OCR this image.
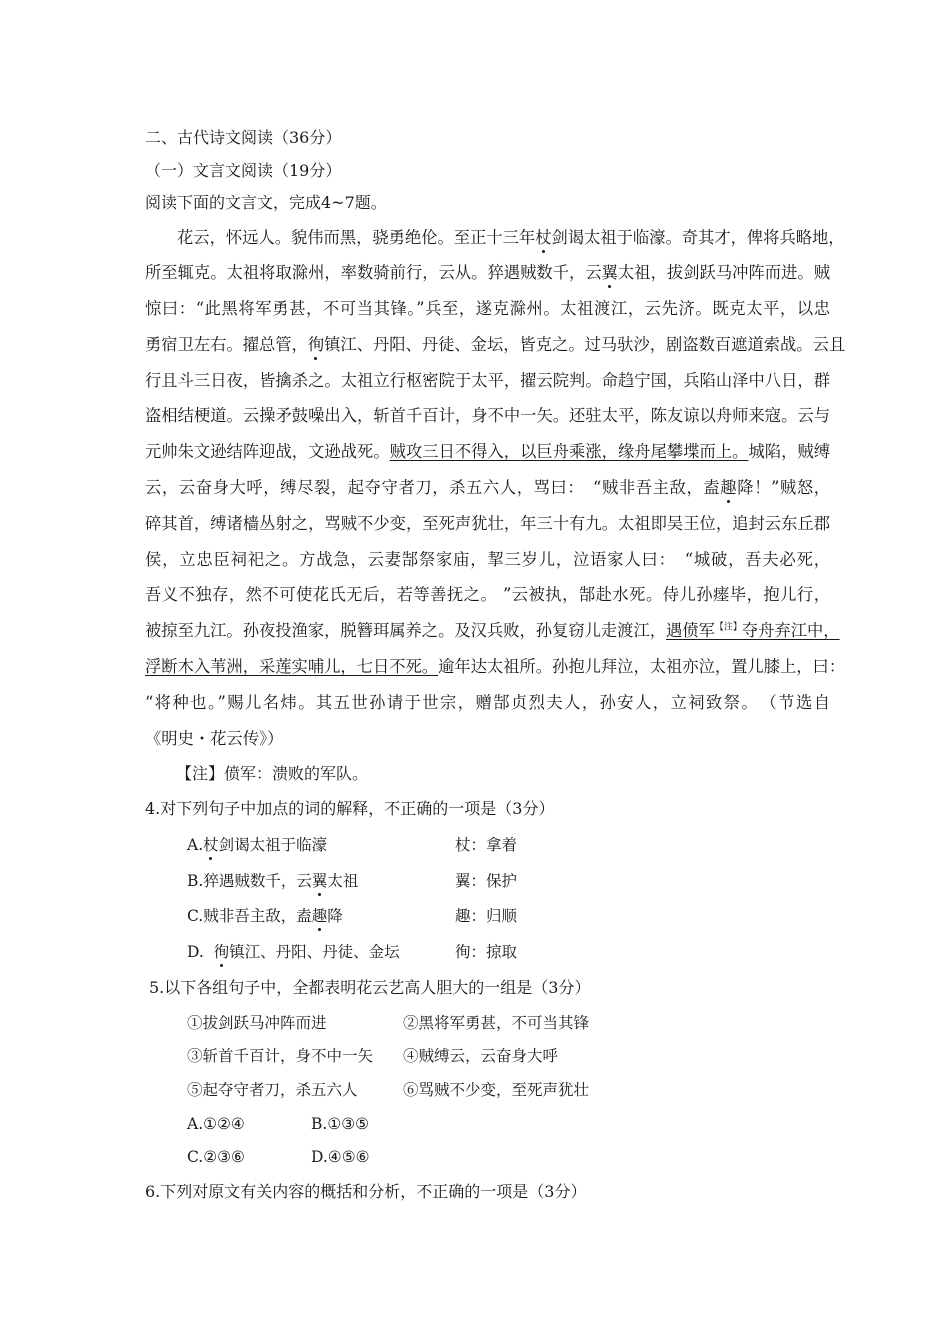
二、古代诗文阅读（36分）
（一）文言文阅读（19分）
阅读下面的文言文，完成4~7题。
花云，怀远人。貌伟而黑，骁勇绝伦。至正十三年杖剑谒太祖于临濠。奇其才，俾将兵略地，
所至辄克。太祖将取滁州，率数骑前行，云从。猝遇贼数千，云翼太祖，拔剑跃马冲阵而进。贼
惊曰：“此黑将军勇甚，不可当其锋。”兵至，遂克滁州。太祖渡江，云先济。既克太平，以忠
勇宿卫左右。擢总管，徇镇江、丹阳、丹徒、金坛，皆克之。过马驮沙，剧盗数百遮道索战。云且
行且斗三日夜，皆擒杀之。太祖立行枢密院于太平，擢云院判。命趋宁国，兵陷山泽中八日，群
盗相结梗道。云操矛鼓噪出入，斩首千百计，身不中一矢。还驻太平，陈友谅以舟师来寇。云与
元帅朱文逊结阵迎战，文逊战死。贼攻三日不得入，以巨舟乘涨，缘舟尾攀堞而上。城陷，贼缚
云，云奋身大呼，缚尽裂，起夺守者刀，杀五六人，骂曰：　“贼非吾主敌，盍趣降！”贼怒，
碎其首，缚诸樯丛射之，骂贼不少变，至死声犹壮，年三十有九。太祖即吴王位，追封云东丘郡
侯，立忠臣祠祀之。方战急，云妻郜祭家庙，挈三岁儿，泣语家人曰：　“城破，吾夫必死，
吾义不独存，然不可使花氏无后，若等善抚之。 ”云被执，郜赴水死。侍儿孙瘗毕，抱儿行，
被掠至九江。孙夜投渔家，脱簪珥属养之。及汉兵败，孙复窃儿走渡江，遇偾军$^{【注】}$夺舟弃江中，
浮断木入苇洲，采莲实哺儿，七日不死。逾年达太祖所。孙抱儿拜泣，太祖亦泣，置儿膝上，曰：
“将种也。”赐儿名炜。其五世孙请于世宗，赠郜贞烈夫人，孙安人，立祠致祭。　（节选自
《明史・花云传》）
【注】偾军：溃败的军队。
4.对下列句子中加点的词的解释，不正确的一项是（3分）
A.杖剑谒太祖于临濠	杖：拿着
B.猝遇贼数千，云翼太祖	翼：保护
C.贼非吾主敌，盍趣降	趣：归顺
D.  徇镇江、丹阳、丹徒、金坛	徇：掠取
5.以下各组句子中，全都表明花云艺高人胆大的一组是（3分）
①拔剑跃马冲阵而进	②黑将军勇甚，不可当其锋
③斩首千百计，身不中一矢 ④贼缚云，云奋身大呼
⑤起夺守者刀，杀五六人	⑥骂贼不少变，至死声犹壮
A.①②④	B.①③⑤
C.②③⑥	D.④⑤⑥
6.下列对原文有关内容的概括和分析，不正确的一项是（3分）
